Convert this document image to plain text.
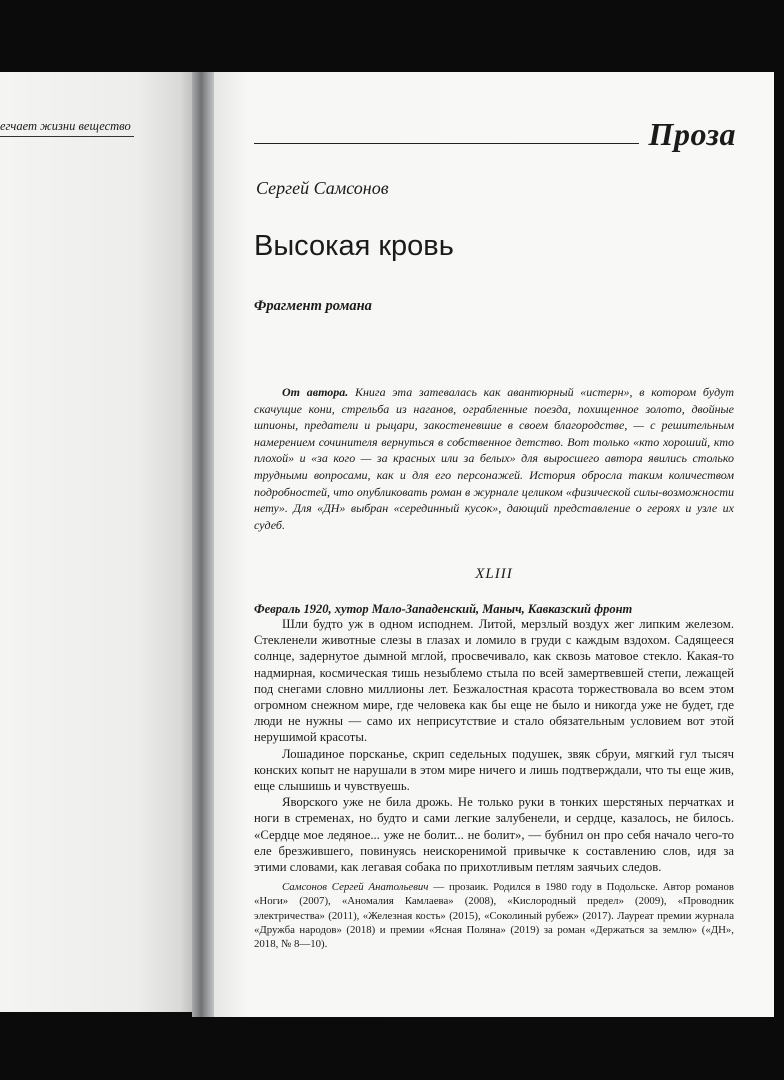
егчает жизни вещество	Проза
Сергей Самсонов
Высокая кровь
Фрагмент романа
От автора. Книга эта затевалась как авантюрный «истерн», в котором будут скачущие кони, стрельба из наганов, ограбленные поезда, похищенное золото, двойные шпионы, предатели и рыцари, закостеневшие в своем благородстве, — с решительным намерением сочинителя вернуться в собственное детство. Вот только «кто хороший, кто плохой» и «за кого — за красных или за белых» для выросшего автора явились столько трудными вопросами, как и для его персонажей. История обросла таким количеством подробностей, что опубликовать роман в журнале целиком «физической силы-возможности нету». Для «ДН» выбран «серединный кусок», дающий представление о героях и узле их судеб.
XLIII
Февраль 1920, хутор Мало-Западенский, Маныч, Кавказский фронт

Шли будто уж в одном исподнем. Литой, мерзлый воздух жег липким железом. Стекленели животные слезы в глазах и ломило в груди с каждым вздохом. Садящееся солнце, задернутое дымной мглой, просвечивало, как сквозь матовое стекло. Какая-то надмирная, космическая тишь незыблемо стыла по всей замертвевшей степи, лежащей под снегами словно миллионы лет. Безжалостная красота торжествовала во всем этом огромном снежном мире, где человека как бы еще не было и никогда уже не будет, где люди не нужны — само их неприсутствие и стало обязательным условием вот этой нерушимой красоты.

Лошадиное порсканье, скрип седельных подушек, звяк сбруи, мягкий гул тысяч конских копыт не нарушали в этом мире ничего и лишь подтверждали, что ты еще жив, еще слышишь и чувствуешь.

Яворского уже не била дрожь. Не только руки в тонких шерстяных перчатках и ноги в стременах, но будто и сами легкие залубенели, и сердце, казалось, не билось. «Сердце мое ледяное... уже не болит... не болит», — бубнил он про себя начало чего-то еле брезжившего, повинуясь неискоренимой привычке к составлению слов, идя за этими словами, как легавая собака по прихотливым петлям заячьих следов.

Самсонов Сергей Анатольевич — прозаик. Родился в 1980 году в Подольске. Автор романов «Ноги» (2007), «Аномалия Камлаева» (2008), «Кислородный предел» (2009), «Проводник электричества» (2011), «Железная кость» (2015), «Соколиный рубеж» (2017). Лауреат премии журнала «Дружба народов» (2018) и премии «Ясная Поляна» (2019) за роман «Держаться за землю» («ДН», 2018, № 8—10).
